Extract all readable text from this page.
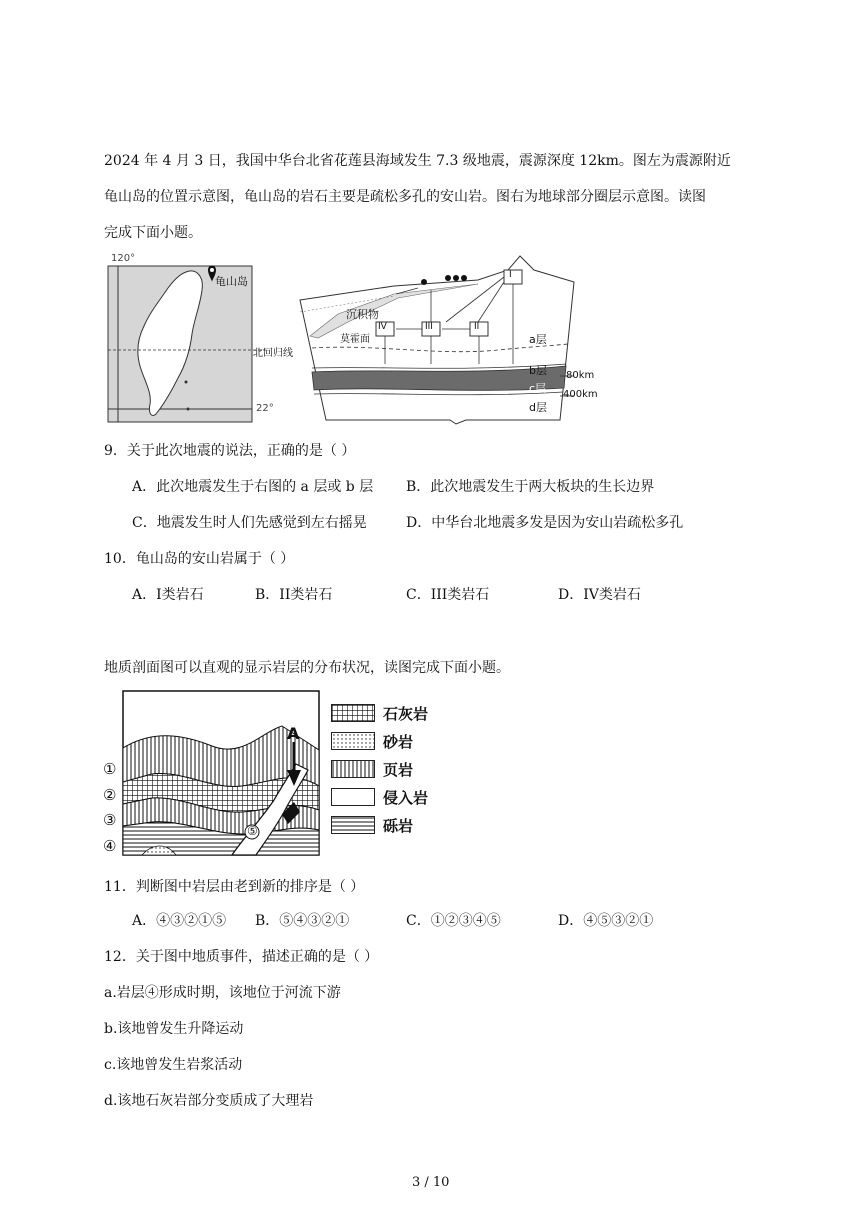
2024 年 4 月 3 日，我国中华台北省花莲县海域发生 7.3 级地震，震源深度 12km。图左为震源附近
龟山岛的位置示意图，龟山岛的岩石主要是疏松多孔的安山岩。图右为地球部分圈层示意图。读图
完成下面小题。
120°
22°
龟山岛
北回归线
沉积物
莫霍面
I
IV	III	II
a层
b层
c层
d层
80km
400km
9．关于此次地震的说法，正确的是（ ）
A．此次地震发生于右图的 a 层或 b 层 B．此次地震发生于两大板块的生长边界
C．地震发生时人们先感觉到左右摇晃	D．中华台北地震多发是因为安山岩疏松多孔
10．龟山岛的安山岩属于（ ）
A．I类岩石	B．II类岩石	C．III类岩石	D．IV类岩石
地质剖面图可以直观的显示岩层的分布状况，读图完成下面小题。
A
①
②
③
④
⑤
石灰岩
砂岩
页岩
侵入岩
砾岩
11．判断图中岩层由老到新的排序是（ ）
A．④③②①⑤ B．⑤④③②①	C．①②③④⑤	D．④⑤③②①
12．关于图中地质事件，描述正确的是（ ）
a.岩层④形成时期，该地位于河流下游
b.该地曾发生升降运动
c.该地曾发生岩浆活动
d.该地石灰岩部分变质成了大理岩
3 / 10
